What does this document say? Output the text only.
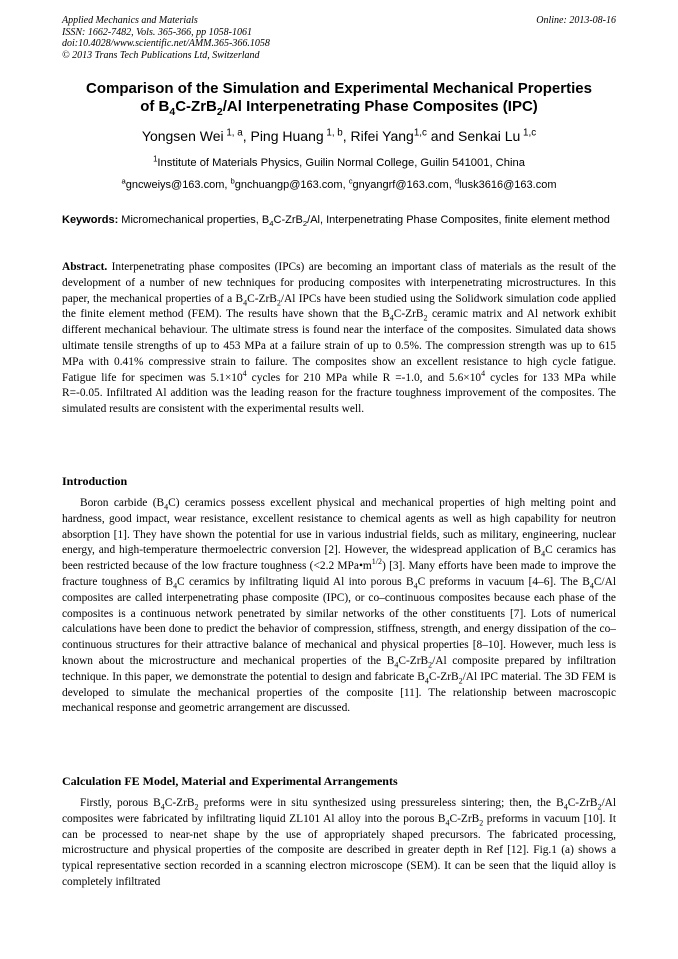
Applied Mechanics and Materials
ISSN: 1662-7482, Vols. 365-366, pp 1058-1061
doi:10.4028/www.scientific.net/AMM.365-366.1058
© 2013 Trans Tech Publications Ltd, Switzerland
Online: 2013-08-16
Comparison of the Simulation and Experimental Mechanical Properties
of $B_4C-ZrB_2/Al$ Interpenetrating Phase Composites (IPC)
Yongsen Wei $^{1, a}$, Ping Huang $^{1, b}$, Rifei Yang$^{1,c}$ and Senkai Lu $^{1,c}$
$^1$Institute of Materials Physics, Guilin Normal College, Guilin 541001, China
$^a$gncweiys@163.com, $^b$gnchuangp@163.com, $^c$gnyangrf@163.com, $^d$lusk3616@163.com
Keywords: Micromechanical properties, $B_4C-ZrB_2/Al$, Interpenetrating Phase Composites, finite element method
Abstract. Interpenetrating phase composites (IPCs) are becoming an important class of materials as the result of the development of a number of new techniques for producing composites with interpenetrating microstructures. In this paper, the mechanical properties of a $B_4C-ZrB_2/Al$ IPCs have been studied using the Solidwork simulation code applied the finite element method (FEM). The results have shown that the $B_4C-ZrB_2$ ceramic matrix and Al network exhibit different mechanical behaviour. The ultimate stress is found near the interface of the composites. Simulated data shows ultimate tensile strengths of up to 453 MPa at a failure strain of up to 0.5%. The compression strength was up to 615 MPa with 0.41% compressive strain to failure. The composites show an excellent resistance to high cycle fatigue. Fatigue life for specimen was $5.1\times 10^4$ cycles for 210 MPa while R =-1.0, and $5.6\times 10^4$ cycles for 133 MPa while R=-0.05. Infiltrated Al addition was the leading reason for the fracture toughness improvement of the composites. The simulated results are consistent with the experimental results well.
Introduction
Boron carbide $(B_4C)$ ceramics possess excellent physical and mechanical properties of high melting point and hardness, good impact, wear resistance, excellent resistance to chemical agents as well as high capability for neutron absorption [1]. They have shown the potential for use in various industrial fields, such as military, engineering, nuclear energy, and high-temperature thermoelectric conversion [2]. However, the widespread application of $B_4C$ ceramics has been restricted because of the low fracture toughness (<2.2 $MPa•m^{1/2}$) [3]. Many efforts have been made to improve the fracture toughness of $B_4C$ ceramics by infiltrating liquid Al into porous $B_4C$ preforms in vacuum [4–6]. The $B_4C/Al$ composites are called interpenetrating phase composite (IPC), or co–continuous composites because each phase of the composites is a continuous network penetrated by similar networks of the other constituents [7]. Lots of numerical calculations have been done to predict the behavior of compression, stiffness, strength, and energy dissipation of the co–continuous structures for their attractive balance of mechanical and physical properties [8–10]. However, much less is known about the microstructure and mechanical properties of the $B_4C-ZrB_2/Al$ composite prepared by infiltration technique. In this paper, we demonstrate the potential to design and fabricate $B_4C-ZrB_2/Al$ IPC material. The 3D FEM is developed to simulate the mechanical properties of the composite [11]. The relationship between macroscopic mechanical response and geometric arrangement are discussed.
Calculation FE Model, Material and Experimental Arrangements
Firstly, porous $B_4C-ZrB_2$ preforms were in situ synthesized using pressureless sintering; then, the $B_4C-ZrB_2/Al$ composites were fabricated by infiltrating liquid ZL101 Al alloy into the porous $B_4C-ZrB_2$ preforms in vacuum [10]. It can be processed to near-net shape by the use of appropriately shaped precursors. The fabricated processing, microstructure and physical properties of the composite are described in greater depth in Ref [12]. Fig.1 (a) shows a typical representative section recorded in a scanning electron microscope (SEM). It can be seen that the liquid alloy is completely infiltrated
